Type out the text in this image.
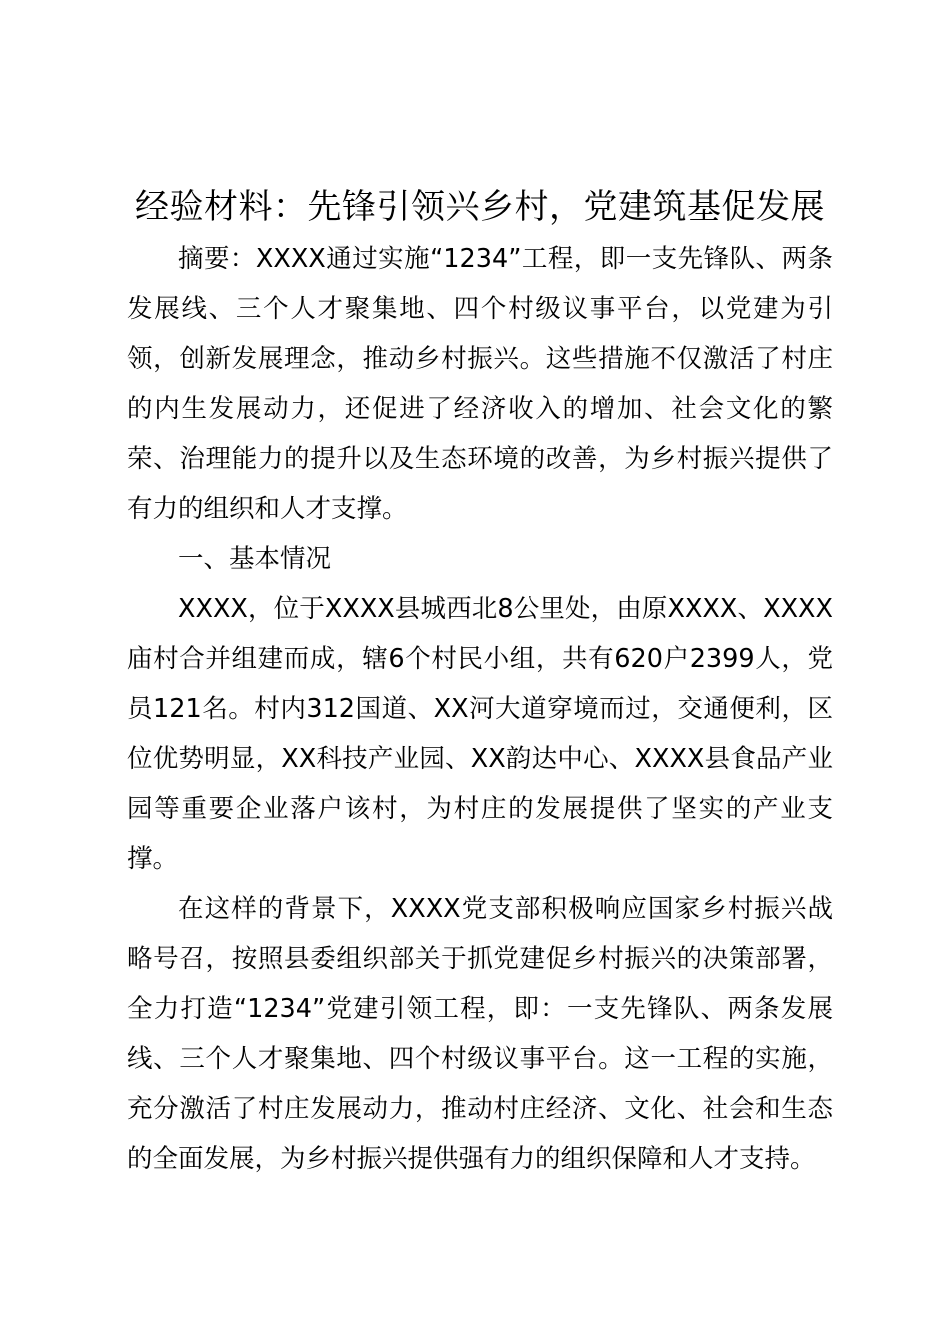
经验材料：先锋引领兴乡村，党建筑基促发展

摘要：XXXX通过实施“1234”工程，即一支先锋队、两条发展线、三个人才聚集地、四个村级议事平台，以党建为引领，创新发展理念，推动乡村振兴。这些措施不仅激活了村庄的内生发展动力，还促进了经济收入的增加、社会文化的繁荣、治理能力的提升以及生态环境的改善，为乡村振兴提供了有力的组织和人才支撑。

一、基本情况

XXXX，位于XXXX县城西北8公里处，由原XXXX、XXXX庙村合并组建而成，辖6个村民小组，共有620户2399人，党员121名。村内312国道、XX河大道穿境而过，交通便利，区位优势明显，XX科技产业园、XX韵达中心、XXXX县食品产业园等重要企业落户该村，为村庄的发展提供了坚实的产业支撑。

在这样的背景下，XXXX党支部积极响应国家乡村振兴战略号召，按照县委组织部关于抓党建促乡村振兴的决策部署，全力打造“1234”党建引领工程，即：一支先锋队、两条发展线、三个人才聚集地、四个村级议事平台。这一工程的实施，充分激活了村庄发展动力，推动村庄经济、文化、社会和生态的全面发展，为乡村振兴提供强有力的组织保障和人才支持。
